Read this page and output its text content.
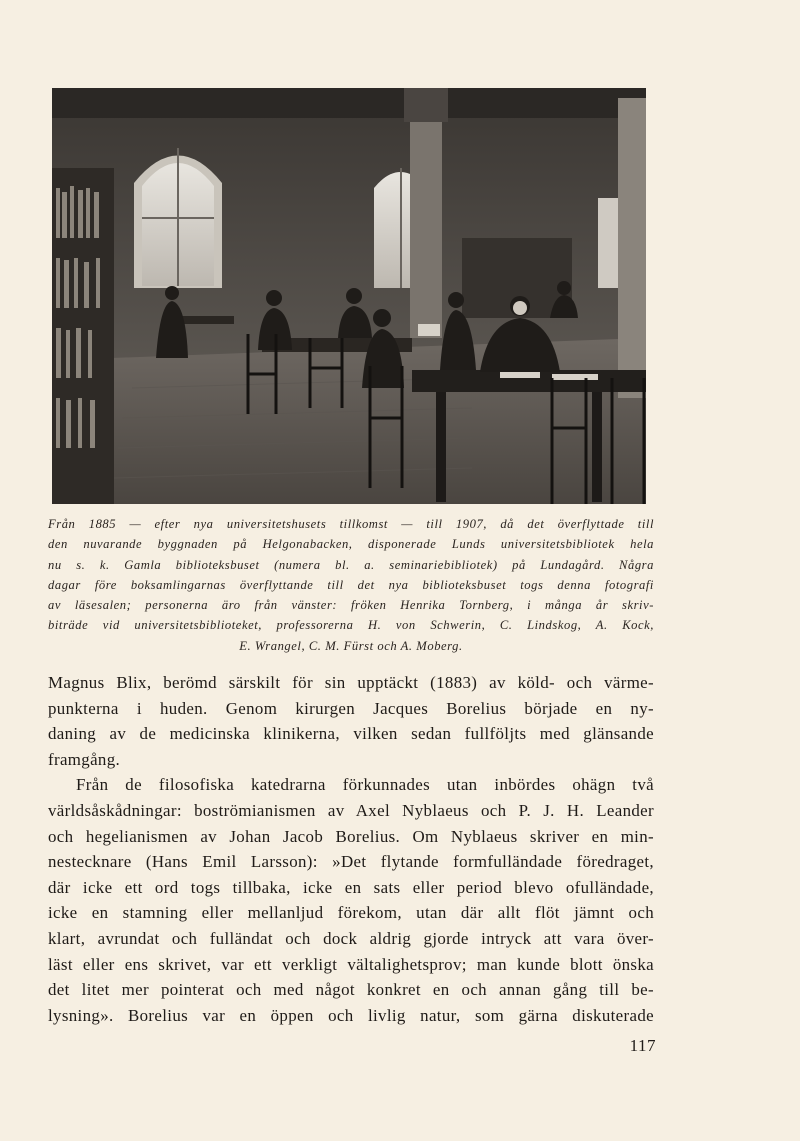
Från 1885 — efter nya universitetshusets tillkomst — till 1907, då det överflyttade till
den nuvarande byggnaden på Helgonabacken, disponerade Lunds universitetsbibliotek hela
nu s. k. Gamla biblioteksbuset (numera bl. a. seminariebibliotek) på Lundagård. Några
dagar före boksamlingarnas överflyttande till det nya biblioteksbuset togs denna fotografi
av läsesalen; personerna äro från vänster: fröken Henrika Tornberg, i många år skriv-
biträde vid universitetsbiblioteket, professorerna H. von Schwerin, C. Lindskog, A. Kock,
E. Wrangel, C. M. Fürst och A. Moberg.
Magnus Blix, berömd särskilt för sin upptäckt (1883) av köld- och värme-
punkterna i huden. Genom kirurgen Jacques Borelius började en ny-
daning av de medicinska klinikerna, vilken sedan fullföljts med glänsande
framgång.
Från de filosofiska katedrarna förkunnades utan inbördes ohägn två
världsåskådningar: boströmianismen av Axel Nyblaeus och P. J. H. Leander
och hegelianismen av Johan Jacob Borelius. Om Nyblaeus skriver en min-
nestecknare (Hans Emil Larsson): »Det flytande formfulländade föredraget,
där icke ett ord togs tillbaka, icke en sats eller period blevo ofulländade,
icke en stamning eller mellanljud förekom, utan där allt flöt jämnt och
klart, avrundat och fulländat och dock aldrig gjorde intryck att vara över-
läst eller ens skrivet, var ett verkligt vältalighetsprov; man kunde blott önska
det litet mer pointerat och med något konkret en och annan gång till be-
lysning». Borelius var en öppen och livlig natur, som gärna diskuterade
117
